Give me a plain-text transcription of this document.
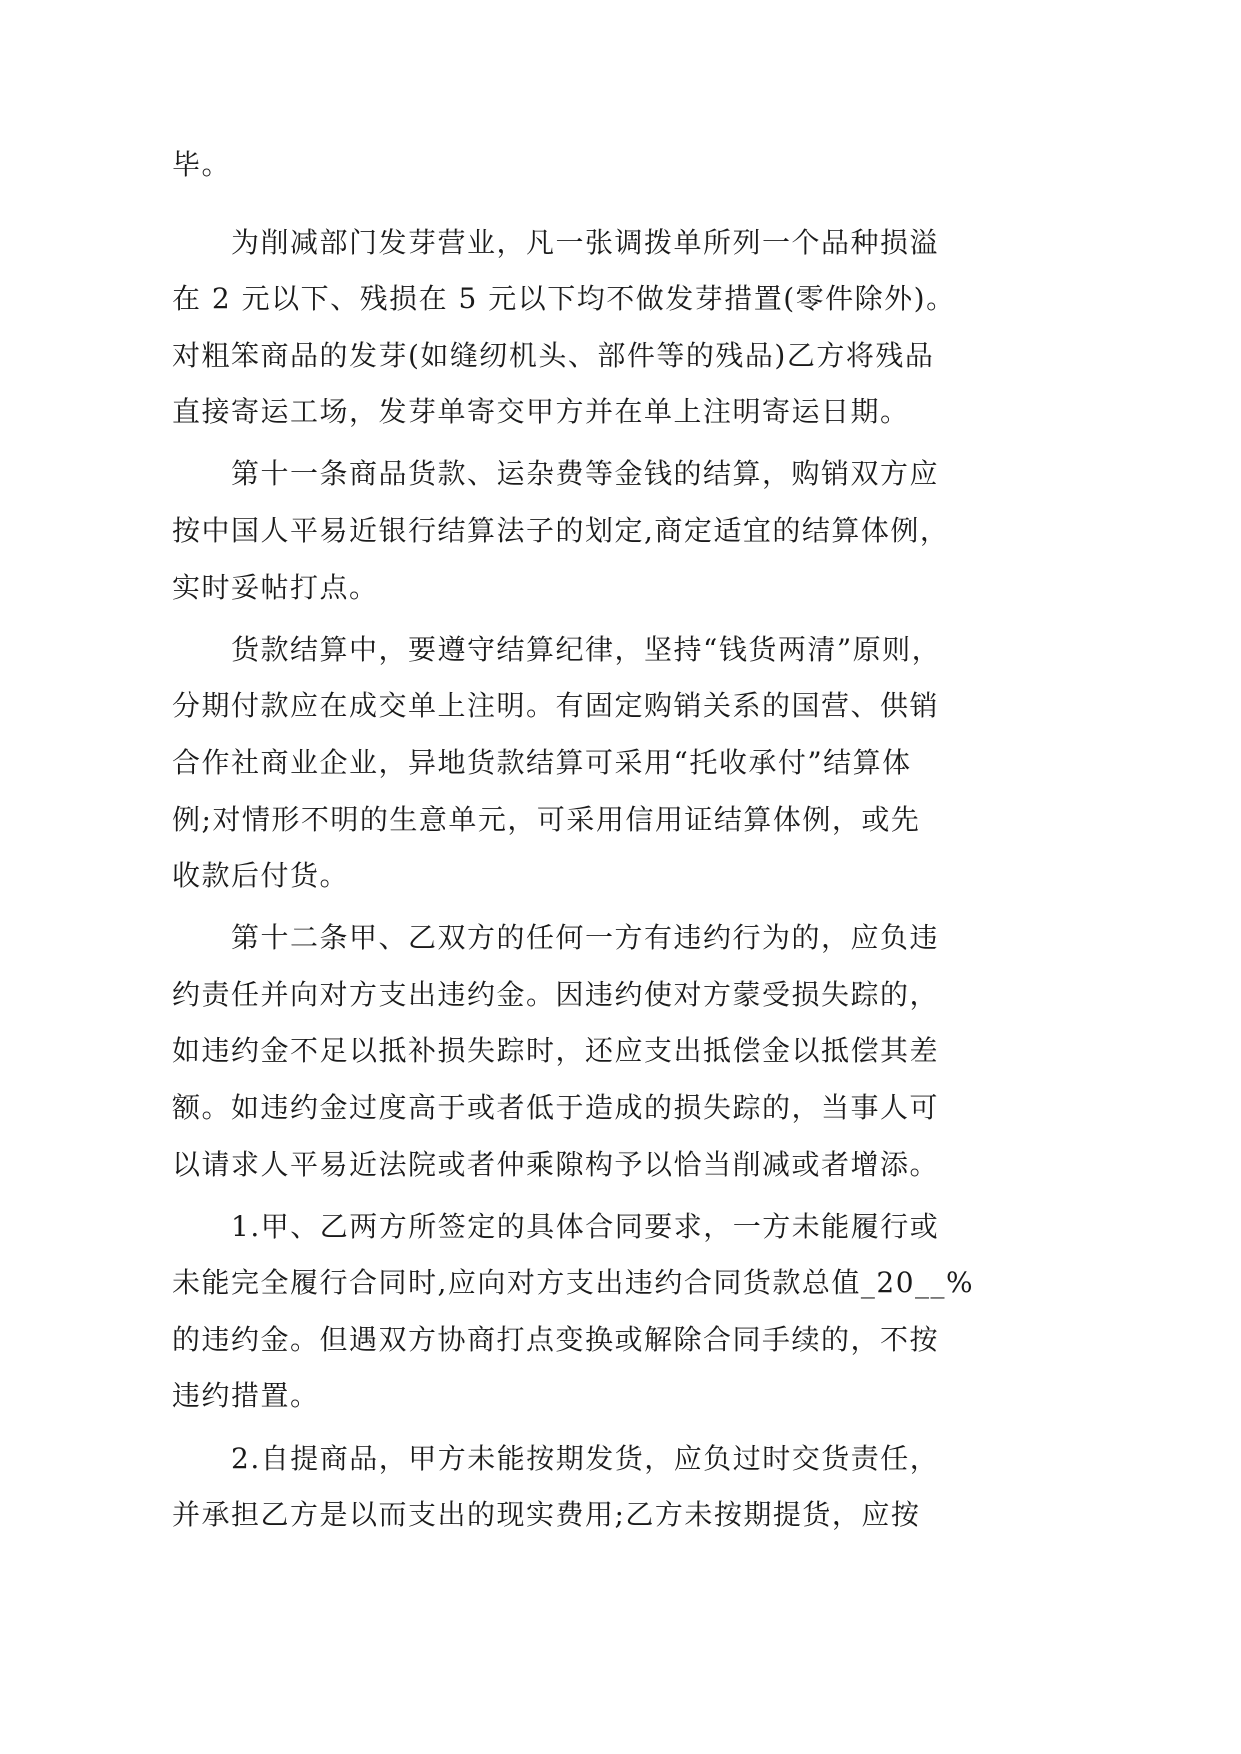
毕。
为削减部门发芽营业，凡一张调拨单所列一个品种损溢
在 2 元以下、残损在 5 元以下均不做发芽措置(零件除外)。
对粗笨商品的发芽(如缝纫机头、部件等的残品)乙方将残品
直接寄运工场，发芽单寄交甲方并在单上注明寄运日期。
第十一条商品货款、运杂费等金钱的结算，购销双方应
按中国人平易近银行结算法子的划定,商定适宜的结算体例，
实时妥帖打点。
货款结算中，要遵守结算纪律，坚持“钱货两清”原则，
分期付款应在成交单上注明。有固定购销关系的国营、供销
合作社商业企业，异地货款结算可采用“托收承付”结算体
例;对情形不明的生意单元，可采用信用证结算体例，或先
收款后付货。
第十二条甲、乙双方的任何一方有违约行为的，应负违
约责任并向对方支出违约金。因违约使对方蒙受损失踪的，
如违约金不足以抵补损失踪时，还应支出抵偿金以抵偿其差
额。如违约金过度高于或者低于造成的损失踪的，当事人可
以请求人平易近法院或者仲乘隙构予以恰当削减或者增添。
1.甲、乙两方所签定的具体合同要求，一方未能履行或
未能完全履行合同时,应向对方支出违约合同货款总值_20__%
的违约金。但遇双方协商打点变换或解除合同手续的，不按
违约措置。
2.自提商品，甲方未能按期发货，应负过时交货责任，
并承担乙方是以而支出的现实费用;乙方未按期提货，应按
